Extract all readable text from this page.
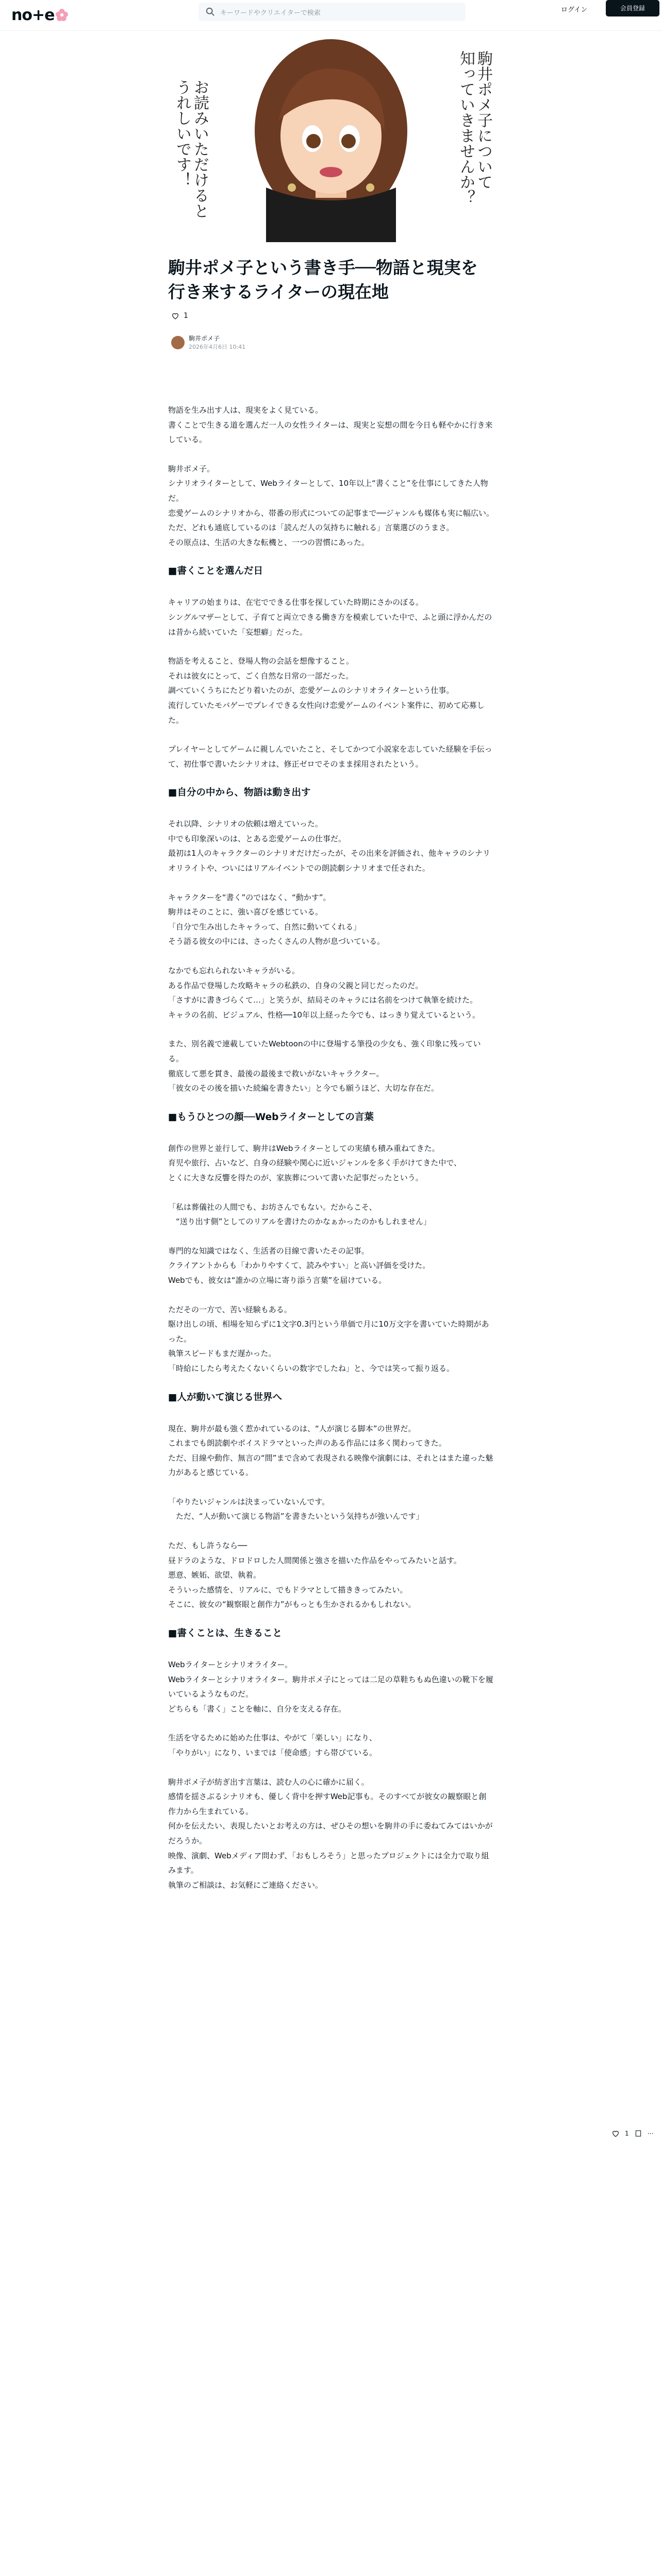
no+e	キーワードやクリエイターで検索	ログイン	会員登録
駒井ポメ子について
知っていきませんか？
お読みいただけると
うれしいです！
駒井ポメ子という書き手──物語と現実を行き来するライターの現在地
1
駒井ポメ子
2026年4月6日 10:41

物語を生み出す人は、現実をよく見ている。
書くことで生きる道を選んだ一人の女性ライターは、現実と妄想の間を今日も軽やかに行き来している。

駒井ポメ子。
シナリオライターとして、Webライターとして、10年以上“書くこと”を仕事にしてきた人物だ。
恋愛ゲームのシナリオから、帯番の形式についての記事まで──ジャンルも媒体も実に幅広い。
ただ、どれも通底しているのは「読んだ人の気持ちに触れる」言葉選びのうまさ。
その原点は、生活の大きな転機と、一つの習慣にあった。

■書くことを選んだ日

キャリアの始まりは、在宅でできる仕事を探していた時期にさかのぼる。
シングルマザーとして、子育てと両立できる働き方を模索していた中で、ふと頭に浮かんだのは昔から続いていた「妄想癖」だった。

物語を考えること、登場人物の会話を想像すること。
それは彼女にとって、ごく自然な日常の一部だった。
調べていくうちにたどり着いたのが、恋愛ゲームのシナリオライターという仕事。
流行していたモバゲーでプレイできる女性向け恋愛ゲームのイベント案件に、初めて応募した。

プレイヤーとしてゲームに親しんでいたこと、そしてかつて小説家を志していた経験を手伝って、初仕事で書いたシナリオは、修正ゼロでそのまま採用されたという。

■自分の中から、物語は動き出す

それ以降、シナリオの依頼は増えていった。
中でも印象深いのは、とある恋愛ゲームの仕事だ。
最初は1人のキャラクターのシナリオだけだったが、その出来を評価され、他キャラのシナリオリライトや、ついにはリアルイベントでの朗読劇シナリオまで任された。

キャラクターを“書く”のではなく、“動かす”。
駒井はそのことに、強い喜びを感じている。
「自分で生み出したキャラって、自然に動いてくれる」
そう語る彼女の中には、さったくさんの人物が息づいている。

なかでも忘れられないキャラがいる。
ある作品で登場した攻略キャラの私鉄の、自身の父親と同じだったのだ。
「さすがに書きづらくて…」と笑うが、結局そのキャラには名前をつけて執筆を続けた。
キャラの名前、ビジュアル、性格──10年以上経った今でも、はっきり覚えているという。

また、別名義で連載していたWebtoonの中に登場する筆役の少女も、強く印象に残っている。
徹底して悪を貫き、最後の最後まで救いがないキャラクター。
「彼女のその後を描いた続編を書きたい」と今でも願うほど、大切な存在だ。

■もうひとつの顔──Webライターとしての言葉

創作の世界と並行して、駒井はWebライターとしての実績も積み重ねてきた。
育児や旅行、占いなど、自身の経験や関心に近いジャンルを多く手がけてきた中で、
とくに大きな反響を得たのが、家族葬について書いた記事だったという。

「私は葬儀社の人間でも、お坊さんでもない。だからこそ、
　“送り出す側”としてのリアルを書けたのかなぁかったのかもしれません」

専門的な知識ではなく、生活者の目線で書いたその記事。
クライアントからも「わかりやすくて、読みやすい」と高い評価を受けた。
Webでも、彼女は“誰かの立場に寄り添う言葉”を届けている。

ただその一方で、苦い経験もある。
駆け出しの頃、相場を知らずに1文字0.3円という単価で月に10万文字を書いていた時期があった。
執筆スピードもまだ遅かった。
「時給にしたら考えたくないくらいの数字でしたね」と、今では笑って振り返る。

■人が動いて演じる世界へ

現在、駒井が最も強く惹かれているのは、“人が演じる脚本”の世界だ。
これまでも朗読劇やボイスドラマといった声のある作品には多く関わってきた。
ただ、目線や動作、無言の“間”まで含めて表現される映像や演劇には、それとはまた違った魅力があると感じている。

「やりたいジャンルは決まっていないんです。
　ただ、“人が動いて演じる物語”を書きたいという気持ちが強いんです」

ただ、もし許うなら──
昼ドラのような、ドロドロした人間関係と強さを描いた作品をやってみたいと話す。
悪意、嫉妬、欲望、執着。
そういった感情を、リアルに、でもドラマとして描ききってみたい。
そこに、彼女の“観察眼と創作力”がもっとも生かされるかもしれない。

■書くことは、生きること

Webライターとシナリオライター。
Webライターとシナリオライター。駒井ポメ子にとっては二足の草鞋ちもぬ色違いの靴下を履いているようなものだ。
どちらも「書く」ことを軸に、自分を支える存在。

生活を守るために始めた仕事は、やがて「楽しい」になり、
「やりがい」になり、いまでは「使命感」すら帯びている。

駒井ポメ子が紡ぎ出す言葉は、読む人の心に確かに届く。
感情を揺さぶるシナリオも、優しく背中を押すWeb記事も。そのすべてが彼女の観察眼と創作力から生まれている。
何かを伝えたい、表現したいとお考えの方は、ぜひその想いを駒井の手に委ねてみてはいかがだろうか。
映像、演劇、Webメディア問わず、「おもしろそう」と思ったプロジェクトには全力で取り組みます。
執筆のご相談は、お気軽にご連絡ください。

1	⋯
